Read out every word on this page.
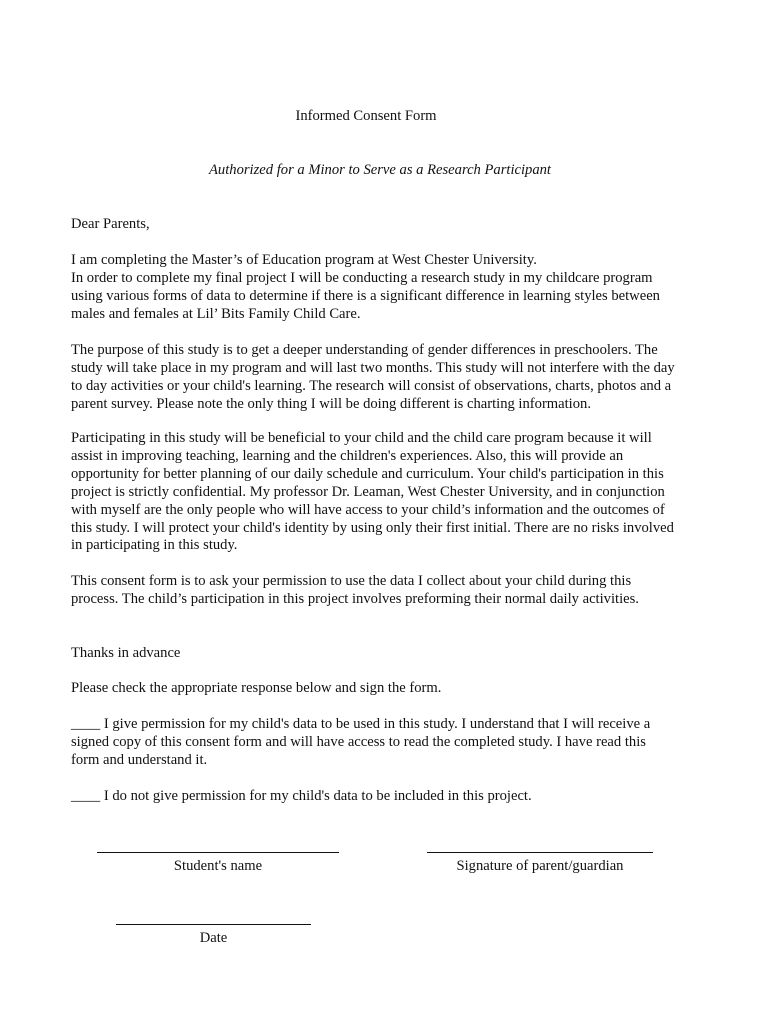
Informed Consent Form
Authorized for a Minor to Serve as a Research Participant

Dear Parents,

I am completing the Master’s of Education program at West Chester University.
In order to complete my final project I will be conducting a research study in my childcare program
using various forms of data to determine if there is a significant difference in learning styles between
males and females at Lil’ Bits Family Child Care.

The purpose of this study is to get a deeper understanding of gender differences in preschoolers. The
study will take place in my program and will last two months. This study will not interfere with the day
to day activities or your child's learning. The research will consist of observations, charts, photos and a
parent survey. Please note the only thing I will be doing different is charting information.

Participating in this study will be beneficial to your child and the child care program because it will
assist in improving teaching, learning and the children's experiences. Also, this will provide an
opportunity for better planning of our daily schedule and curriculum. Your child's participation in this
project is strictly confidential. My professor Dr. Leaman, West Chester University, and in conjunction
with myself are the only people who will have access to your child’s information and the outcomes of
this study. I will protect your child's identity by using only their first initial. There are no risks involved
in participating in this study.

This consent form is to ask your permission to use the data I collect about your child during this
process. The child’s participation in this project involves preforming their normal daily activities.

Thanks in advance

Please check the appropriate response below and sign the form.

____ I give permission for my child's data to be used in this study. I understand that I will receive a
signed copy of this consent form and will have access to read the completed study. I have read this
form and understand it.

____ I do not give permission for my child's data to be included in this project.

Student's name	Signature of parent/guardian
Date
